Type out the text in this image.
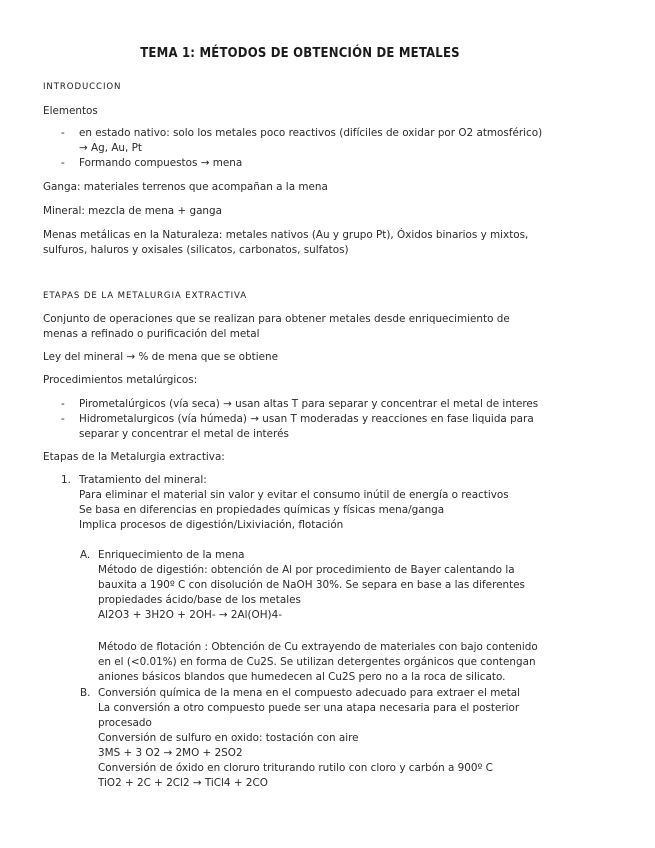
TEMA 1: MÉTODOS DE OBTENCIÓN DE METALES
INTRODUCCION
Elementos
- en estado nativo: solo los metales poco reactivos (difíciles de oxidar por O2 atmosférico)
→ Ag, Au, Pt
- Formando compuestos → mena
Ganga: materiales terrenos que acompañan a la mena
Mineral: mezcla de mena + ganga
Menas metálicas en la Naturaleza: metales nativos (Au y grupo Pt), Óxidos binarios y mixtos,
sulfuros, haluros y oxisales (silicatos, carbonatos, sulfatos)
ETAPAS DE LA METALURGIA EXTRACTIVA
Conjunto de operaciones que se realizan para obtener metales desde enriquecimiento de
menas a refinado o purificación del metal
Ley del mineral → % de mena que se obtiene
Procedimientos metalúrgicos:
- Pirometalúrgicos (vía seca) → usan altas T para separar y concentrar el metal de interes
- Hidrometalurgicos (vía húmeda) → usan T moderadas y reacciones en fase liquida para
separar y concentrar el metal de interés
Etapas de la Metalurgia extractiva:
1. Tratamiento del mineral:
Para eliminar el material sin valor y evitar el consumo inútil de energía o reactivos
Se basa en diferencias en propiedades químicas y físicas mena/ganga
Implica procesos de digestión/Lixiviación, flotación
A. Enriquecimiento de la mena
Método de digestión: obtención de Al por procedimiento de Bayer calentando la
bauxita a 190º C con disolución de NaOH 30%. Se separa en base a las diferentes
propiedades ácido/base de los metales
Al2O3 + 3H2O + 2OH- → 2Al(OH)4-
Método de flotación : Obtención de Cu extrayendo de materiales con bajo contenido
en el (<0.01%) en forma de Cu2S. Se utilizan detergentes orgánicos que contengan
aniones básicos blandos que humedecen al Cu2S pero no a la roca de silicato.
B. Conversión química de la mena en el compuesto adecuado para extraer el metal
La conversión a otro compuesto puede ser una atapa necesaria para el posterior
procesado
Conversión de sulfuro en oxido: tostación con aire
3MS + 3 O2 → 2MO + 2SO2
Conversión de óxido en cloruro triturando rutilo con cloro y carbón a 900º C
TiO2 + 2C + 2Cl2 → TiCl4 + 2CO
